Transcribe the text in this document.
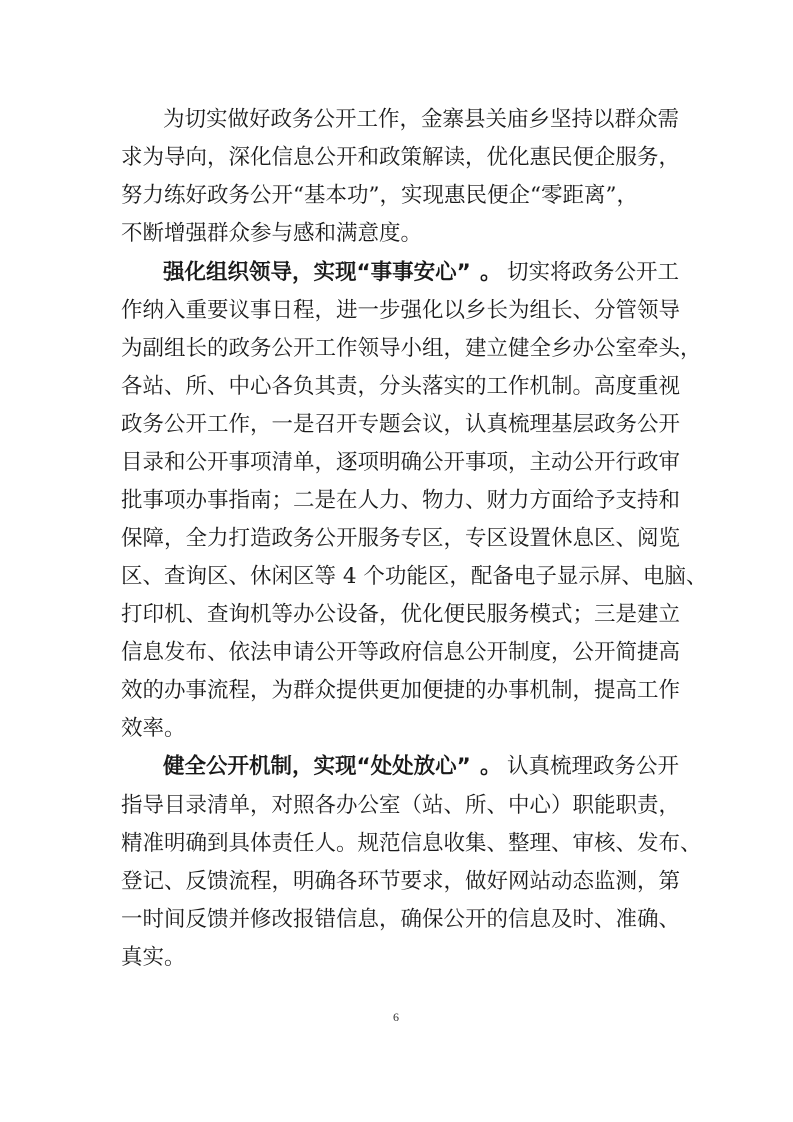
为切实做好政务公开工作，金寨县关庙乡坚持以群众需
求为导向，深化信息公开和政策解读，优化惠民便企服务，
努力练好政务公开“基本功”，实现惠民便企“零距离”，
不断增强群众参与感和满意度。
强化组织领导，实现“事事安心” 。 切实将政务公开工
作纳入重要议事日程，进一步强化以乡长为组长、分管领导
为副组长的政务公开工作领导小组，建立健全乡办公室牵头，
各站、所、中心各负其责，分头落实的工作机制。高度重视
政务公开工作，一是召开专题会议，认真梳理基层政务公开
目录和公开事项清单，逐项明确公开事项，主动公开行政审
批事项办事指南；二是在人力、物力、财力方面给予支持和
保障，全力打造政务公开服务专区，专区设置休息区、阅览
区、查询区、休闲区等 4 个功能区，配备电子显示屏、电脑、
打印机、查询机等办公设备，优化便民服务模式；三是建立
信息发布、依法申请公开等政府信息公开制度，公开简捷高
效的办事流程，为群众提供更加便捷的办事机制，提高工作
效率。
健全公开机制，实现“处处放心” 。 认真梳理政务公开
指导目录清单，对照各办公室（站、所、中心）职能职责，
精准明确到具体责任人。规范信息收集、整理、审核、发布、
登记、反馈流程，明确各环节要求，做好网站动态监测，第
一时间反馈并修改报错信息，确保公开的信息及时、准确、
真实。
6
